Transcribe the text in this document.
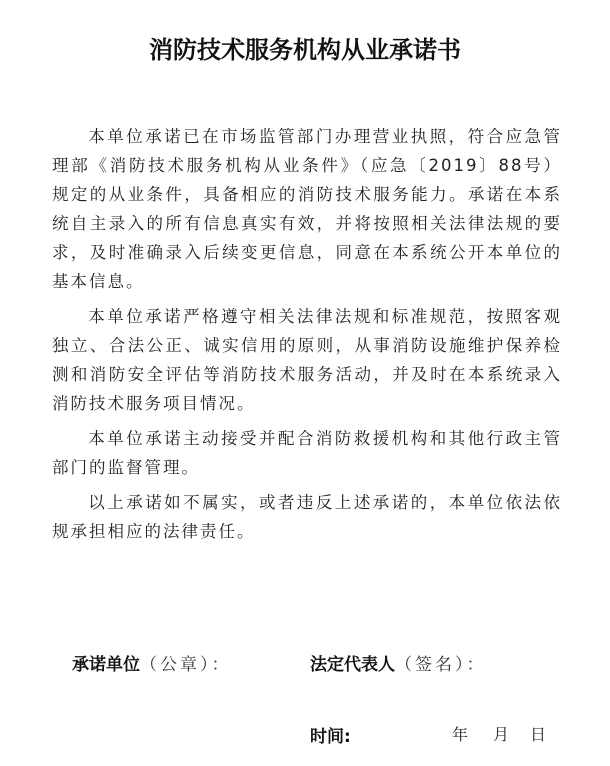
消防技术服务机构从业承诺书

本单位承诺已在市场监管部门办理营业执照，符合应急管理部《消防技术服务机构从业条件》（应急〔2019〕88号）规定的从业条件，具备相应的消防技术服务能力。承诺在本系统自主录入的所有信息真实有效，并将按照相关法律法规的要求，及时准确录入后续变更信息，同意在本系统公开本单位的基本信息。

本单位承诺严格遵守相关法律法规和标准规范，按照客观独立、合法公正、诚实信用的原则，从事消防设施维护保养检测和消防安全评估等消防技术服务活动，并及时在本系统录入消防技术服务项目情况。

本单位承诺主动接受并配合消防救援机构和其他行政主管部门的监督管理。

以上承诺如不属实，或者违反上述承诺的，本单位依法依规承担相应的法律责任。

承诺单位（公章）：	法定代表人（签名）：
时间:	年 月 日
